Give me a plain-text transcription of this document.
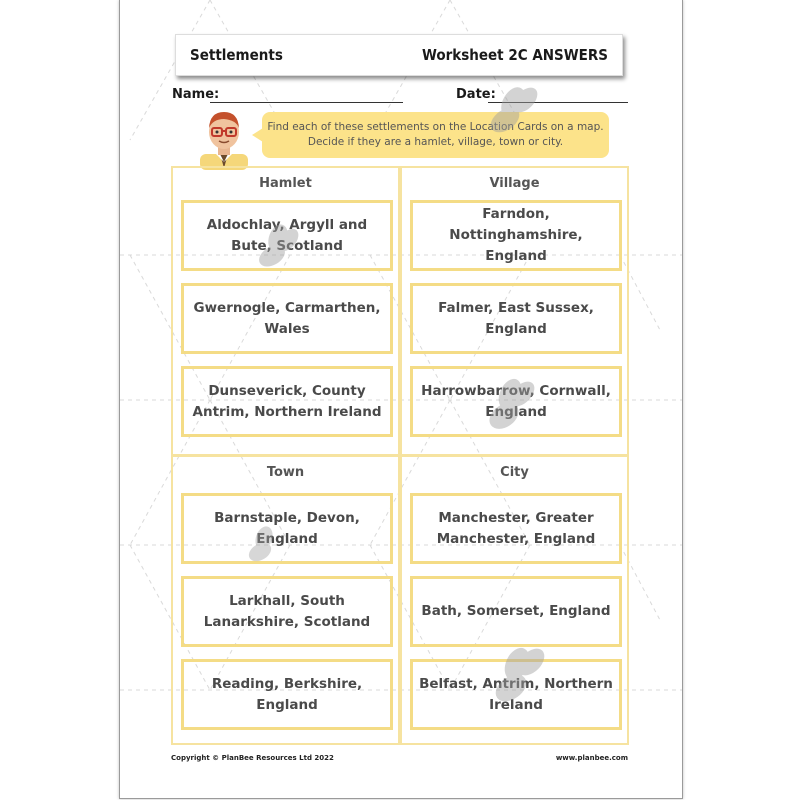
Settlements	Worksheet 2C ANSWERS
Name:	Date:
Find each of these settlements on the Location Cards on a map. Decide if they are a hamlet, village, town or city.
Hamlet
Aldochlay, Argyll and Bute, Scotland
Gwernogle, Carmarthen, Wales
Dunseverick, County Antrim, Northern Ireland
Village
Farndon, Nottinghamshire, England
Falmer, East Sussex, England
Harrowbarrow, Cornwall, England
Town
Barnstaple, Devon, England
Larkhall, South Lanarkshire, Scotland
Reading, Berkshire, England
City
Manchester, Greater Manchester, England
Bath, Somerset, England
Belfast, Antrim, Northern Ireland
Copyright © PlanBee Resources Ltd 2022	www.planbee.com
